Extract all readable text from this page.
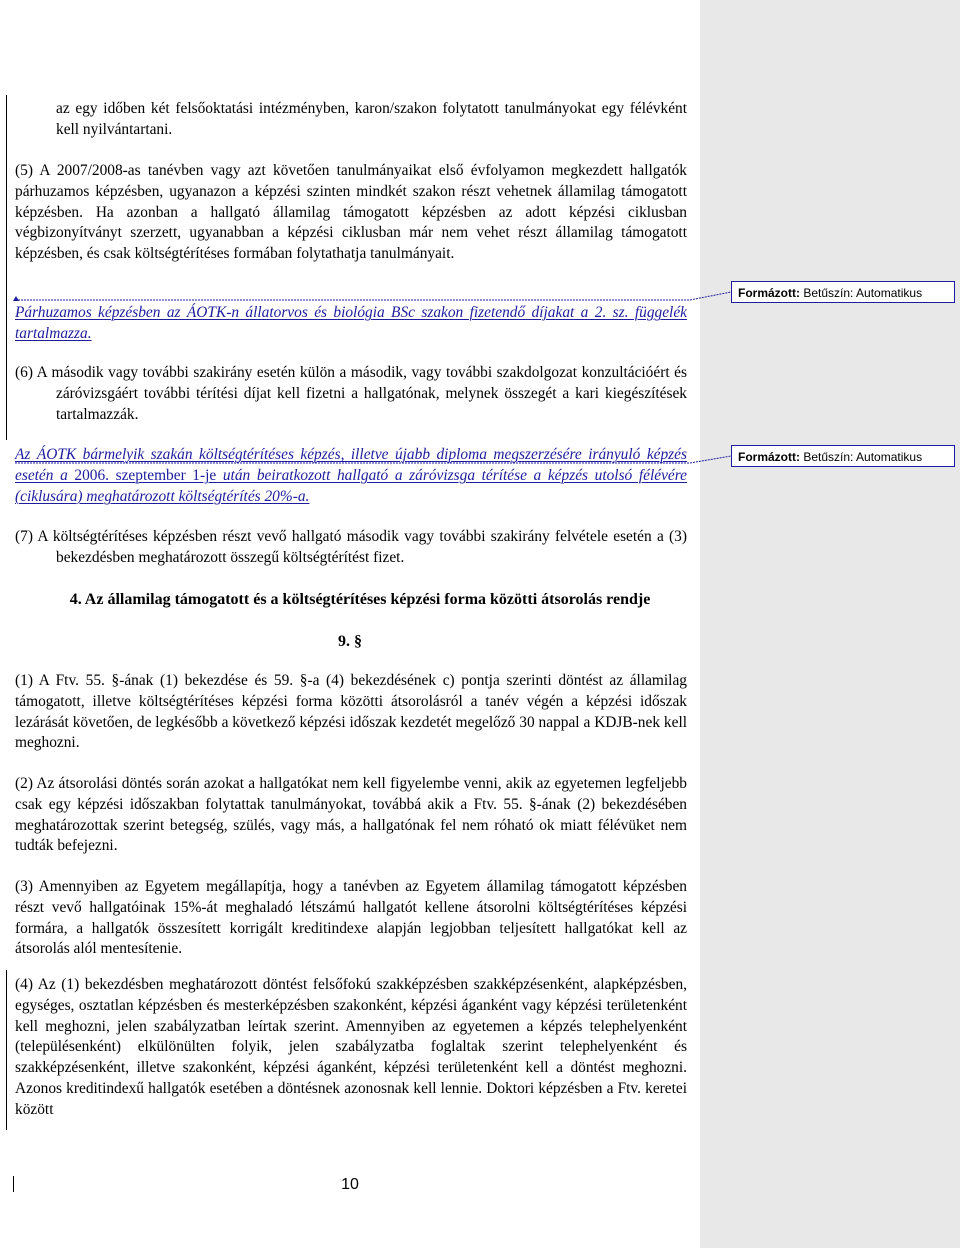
az egy időben két felsőoktatási intézményben, karon/szakon folytatott tanulmányokat egy félévként kell nyilvántartani.

(5) A 2007/2008-as tanévben vagy azt követően tanulmányaikat első évfolyamon megkezdett hallgatók párhuzamos képzésben, ugyanazon a képzési szinten mindkét szakon részt vehetnek államilag támogatott képzésben. Ha azonban a hallgató államilag támogatott képzésben az adott képzési ciklusban végbizonyítványt szerzett, ugyanabban a képzési ciklusban már nem vehet részt államilag támogatott képzésben, és csak költségtérítéses formában folytathatja tanulmányait.

Párhuzamos képzésben az ÁOTK-n állatorvos és biológia BSc szakon fizetendő díjakat a 2. sz. függelék tartalmazza.

(6) A második vagy további szakirány esetén külön a második, vagy további szakdolgozat konzultációért és záróvizsgáért további térítési díjat kell fizetni a hallgatónak, melynek összegét a kari kiegészítések tartalmazzák.

Az ÁOTK bármelyik szakán költségtérítéses képzés, illetve újabb diploma megszerzésére irányuló képzés esetén a 2006. szeptember 1-je után beiratkozott hallgató a záróvizsga térítése a képzés utolsó félévére (ciklusára) meghatározott költségtérítés 20%-a.

(7) A költségtérítéses képzésben részt vevő hallgató második vagy további szakirány felvétele esetén a (3) bekezdésben meghatározott összegű költségtérítést fizet.

4. Az államilag támogatott és a költségtérítéses képzési forma közötti átsorolás rendje
9. §

(1) A Ftv. 55. §-ának (1) bekezdése és 59. §-a (4) bekezdésének c) pontja szerinti döntést az államilag támogatott, illetve költségtérítéses képzési forma közötti átsorolásról a tanév végén a képzési időszak lezárását követően, de legkésőbb a következő képzési időszak kezdetét megelőző 30 nappal a KDJB-nek kell meghozni.

(2) Az átsorolási döntés során azokat a hallgatókat nem kell figyelembe venni, akik az egyetemen legfeljebb csak egy képzési időszakban folytattak tanulmányokat, továbbá akik a Ftv. 55. §-ának (2) bekezdésében meghatározottak szerint betegség, szülés, vagy más, a hallgatónak fel nem róható ok miatt félévüket nem tudták befejezni.

(3) Amennyiben az Egyetem megállapítja, hogy a tanévben az Egyetem államilag támogatott képzésben részt vevő hallgatóinak 15%-át meghaladó létszámú hallgatót kellene átsorolni költségtérítéses képzési formára, a hallgatók összesített korrigált kreditindexe alapján legjobban teljesített hallgatókat kell az átsorolás alól mentesítenie.

(4) Az (1) bekezdésben meghatározott döntést felsőfokú szakképzésben szakképzésenként, alapképzésben, egységes, osztatlan képzésben és mesterképzésben szakonként, képzési áganként vagy képzési területenként kell meghozni, jelen szabályzatban leírtak szerint. Amennyiben az egyetemen a képzés telephelyenként (településenként) elkülönülten folyik, jelen szabályzatba foglaltak szerint telephelyenként és szakképzésenként, illetve szakonként, képzési áganként, képzési területenként kell a döntést meghozni. Azonos kreditindexű hallgatók esetében a döntésnek azonosnak kell lennie. Doktori képzésben a Ftv. keretei között

Formázott: Betűszín: Automatikus
Formázott: Betűszín: Automatikus
10
